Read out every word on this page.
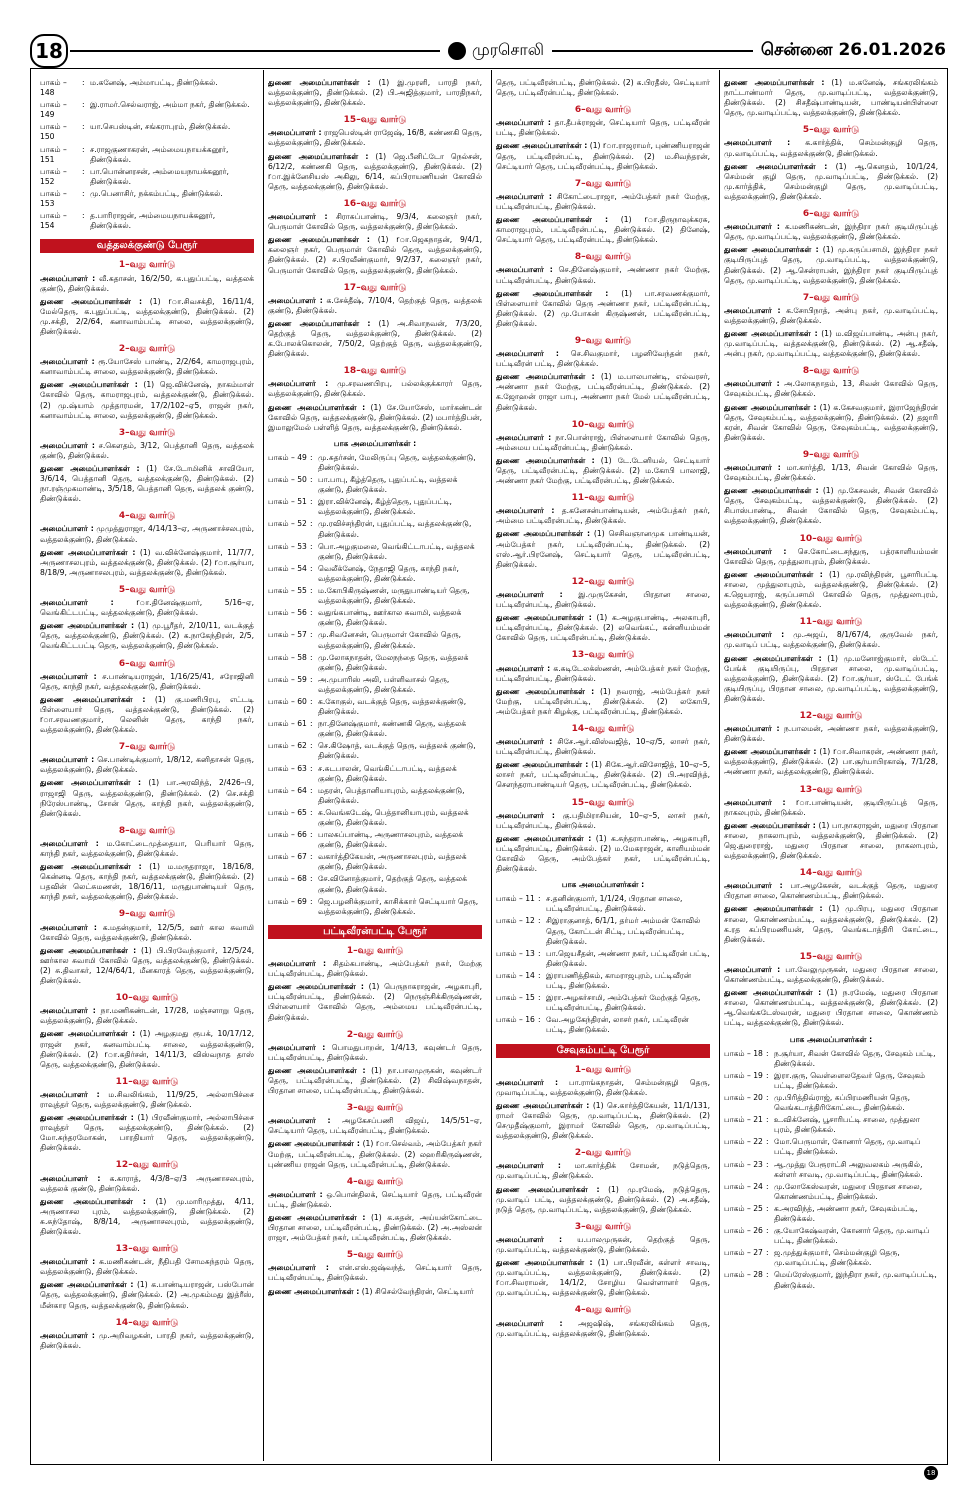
18	முரசொலி	சென்னை 26.01.2026
பாகம் – 148
: ம.கனேஷ், அம்மாபட்டி, திண்டுக்கல்.
பாகம் – 149
: இ.ராமர்.செல்வராஜ், அம்மா நகர், திண்டுக்கல்.
பாகம் – 150
: யா.செபஸ்டின், சங்கராபுரம், திண்டுக்கல்.
பாகம் – 151
: ச.ராஜகுணாகரன், அம்மையநாயக்கனூர், திண்டுக்கல்.
பாகம் – 152
: பா.பொன்னரசன், அம்மையநாயக்கனூர், திண்டுக்கல்.
பாகம் – 153
: மு.பெனாசிர், நக்கம்பட்டி, திண்டுக்கல்.
பாகம் – 154
: த.பாரிராஜன், அம்மையநாயக்கனூர், திண்டுக்கல்.
வத்தலக்குண்டு பேரூர்
1–வது வார்டு
அமைப்பாளர் : வீ.கதாசன், 16/2/50, க.புதுப்பட்டி, வத்தலக் குண்டு, திண்டுக்கல்.
துணை அமைப்பாளர்கள் : (1) rா.சிவசக்தி, 16/11/4, மேல்தெரு, க.புதுப்பட்டி, வத்தலக்குண்டு, திண்டுக்கல். (2) மு.சக்தி, 2/2/64, கனாவாம்பட்டி சாலை, வத்தலக்குண்டு, திண்டுக்கல்.
2–வது வார்டு
அமைப்பாளர் : ரூ.யோசேஸ் பாண்டி, 2/2/64, காமராஜபுரம், கனாவாம்பட்டி சாலை, வத்தலக்குண்டு, திண்டுக்கல்.
துணை அமைப்பாளர்கள் : (1) ஜெ.விக்னேஷ், நாகம்மாள் கோவில் தெரு, காமராஜபுரம், வத்தலக்குண்டு, திண்டுக்கல். (2) மு.ஷ்யாம் முத்தாரமன், 17/2/102–ஏ5, ராஜன் நகர், கனாவாம்பட்டி சாலை, வத்தலக்குண்டு, திண்டுக்கல்.
3–வது வார்டு
அமைப்பாளர் : ச.கௌதம், 3/12, பெத்தானி தெரு, வத்தலக் குண்டு, திண்டுக்கல்.
துணை அமைப்பாளர்கள் : (1) சே.டோமினிக் சாவியோ, 3/6/14, பெத்தானி தெரு, வத்தலக்குண்டு, திண்டுக்கல். (2) நா.ரஞ்முகமாண்டி, 3/5/18, பெத்தானி தெரு, வத்தலக் குண்டு, திண்டுக்கல்.
4–வது வார்டு
அமைப்பாளர் : முமுத்துராஜா, 4/14/13–ஏ, அருணாச்சலபுரம், வத்தலக்குண்டு, திண்டுக்கல்.
துணை அமைப்பாளர்கள் : (1) வ.விக்னேஷ்குமார், 11/7/7, அருணாசலபுரம், வத்தலக்குண்டு, திண்டுக்கல். (2) rா.சூர்யா, 8/18/9, அருணாசலபுரம், வத்தலக்குண்டு, திண்டுக்கல்.
5–வது வார்டு
அமைப்பாளர் :	rா.தினேஷ்குமார், 5/16–ஏ, வெங்கிட்டபட்டி, வத்தலக்குண்டு, திண்டுக்கல்.
துணை அமைப்பாளர்கள் : (1) மு.பூரீதர், 2/10/11, வடக்குத் தெரு, வத்தலக்குண்டு, திண்டுக்கல். (2) க.நாகேந்திரன், 2/5, வெங்கிட்டபட்டி தெரு, வத்தலக்குண்டு, திண்டுக்கல்.
6–வது வார்டு
அமைப்பாளர் : ச.பாண்டியராஜன், 1/16/25/41, சரோஜினி தெரு, காந்தி நகர், வத்தலக்குண்டு, திண்டுக்கல்.
துணை அமைப்பாளர்கள் : (1) கு.மணிபிரபு, எட்டடி பிள்ளையார் தெரு, வத்தலக்குண்டு, திண்டுக்கல். (2) rா.சரவணகுமார், லெனின் தெரு, காந்தி நகர், வத்தலக்குண்டு, திண்டுக்கல்.
7–வது வார்டு
அமைப்பாளர் : செ.பாண்டிக்குமார், 1/8/12, கனிதாசன் தெரு, வத்தலக்குண்டு, திண்டுக்கல்.
துணை அமைப்பாளர்கள் : (1) பா.அரவிந்த், 2/426–பி, ராஜாஜி தெரு, வத்தலக்குண்டு, திண்டுக்கல். (2) செ.சக்தி நிரேஸ்பாண்டி, சோன் தெரு, காந்தி நகர், வத்தலக்குண்டு, திண்டுக்கல்.
8–வது வார்டு
அமைப்பாளர் : ம.கோட்டைமுத்தையா, பெரியார் தெரு, காந்தி நகர், வத்தலக்குண்டு, திண்டுக்கல்.
துணை அமைப்பாளர்கள் : (1) ம.மருதராஜா, 18/16/8, கென்னடி தெரு, காந்தி நகர், வத்தலக்குண்டு, திண்டுக்கல். (2) பதவின் லெட்சுமணன், 18/16/11, மருதுபாண்டியர் தெரு, காந்தி நகர், வத்தலக்குண்டு, திண்டுக்கல்.
9–வது வார்டு
அமைப்பாளர் : க.மதன்குமார், 12/5/5, ஊர் கால சுவாமி கோவில் தெரு, வத்தலக்குண்டு, திண்டுக்கல்.
துணை அமைப்பாளர்கள் : (1) பி.பிரவேந்குமார், 12/5/24, ஊர்கால சுவாமி கோவில் தெரு, வத்தலக்குண்டு, திண்டுக்கல். (2) சு.திவாகர், 12/4/64/1, மீனகாரத் தெரு, வத்தலக்குண்டு, திண்டுக்கல்.
10–வது வார்டு
அமைப்பாளர் : நா.மணிகண்டன், 17/28, மஞ்சளாறு தெரு, வத்தலக்குண்டு, திண்டுக்கல்.
துணை அமைப்பாளர்கள் : (1) அழகுமது ரூபக், 10/17/12, ராஜன் நகர், கனவாம்பட்டி சாலை, வத்தலக்குண்டு, திண்டுக்கல். (2) rா.கதிர்சன், 14/11/3, விஸ்வநாத தாஸ் தெரு, வத்தலக்குண்டு, திண்டுக்கல்.
11–வது வார்டு
அமைப்பாளர் : ம.சிவலிங்கம், 11/9/25, அல்லாபிச்சை ராவுத்தர் தெரு, வத்தலக்குண்டு, திண்டுக்கல்.
துணை அமைப்பாளர்கள் : (1) பிரவீண்குமார், அல்லாபிச்சை ராவுத்தர் தெரு, வத்தலக்குண்டு, திண்டுக்கல். (2) மோ.சுந்தரமோகன், பாரதியார் தெரு, வத்தலக்குண்டு, திண்டுக்கல்.
12–வது வார்டு
அமைப்பாளர் : க.காராத், 4/3/8–ஏ/3 அருணாசலபுரம், வத்தலக் குண்டு, திண்டுக்கல்.
துணை அமைப்பாளர்கள் : (1) மு.மாரிமுத்து, 4/11, அருணாசல புரம், வத்தலக்குண்டு, திண்டுக்கல். (2) சு.சுந்தோஷ், 8/8/14, அருணாசலபுரம், வத்தலக்குண்டு, திண்டுக்கல்.
13–வது வார்டு
அமைப்பாளர் : க.மணிகண்டன், நீதிபதி சோமசுந்தரம் தெரு, வத்தலக்குண்டு, திண்டுக்கல்.
துணை அமைப்பாளர்கள் : (1) க.பாண்டியராஜன், பஸ்போன் தெரு, வத்தலக்குண்டு, திண்டுக்கல். (2) அ.முகம்மது இத்ரீஸ், மீன்கார தெரு, வத்தலக்குண்டு, திண்டுக்கல்.
14–வது வார்டு
அமைப்பாளர் : மு.அறிவழகன், பாரதி நகர், வத்தலக்குண்டு, திண்டுக்கல்.
துணை அமைப்பாளர்கள் : (1) இ.முரளி, பாரதி நகர், வத்தலக்குண்டு, திண்டுக்கல். (2) பி.அஜித்குமார், பாரதிநகர், வத்தலக்குண்டு, திண்டுக்கல்.
15–வது வார்டு
அமைப்பாளர் : ராஜபெஸ்டின் ராஜேஷ், 16/8, கண்ணகி தெரு, வத்தலக்குண்டு, திண்டுக்கல்.
துணை அமைப்பாளர்கள் : (1) ஜெ.பீனிட்டோ நெல்சன், 6/12/2, கண்ணகி தெரு, வத்தலக்குண்டு, திண்டுக்கல். (2) rா.இக்னேசியஸ் அகிலு, 6/14, கப்பிராயணியன் கோவில் தெரு, வத்தலக்குண்டு, திண்டுக்கல்.
16–வது வார்டு
அமைப்பாளர் : சிராசுப்பாண்டி, 9/3/4, கலைஞர் நகர், பெருமாள் கோவில் தெரு, வத்தலக்குண்டு, திண்டுக்கல்.
துணை அமைப்பாளர்கள் : (1) rா.ஜெகநாதன், 9/4/1, கலைஞர் நகர், பெருமாள் கோவில் தெரு, வத்தலக்குண்டு, திண்டுக்கல். (2) ச.பிரவீண்குமார், 9/2/37, கலைஞர் நகர், பெருமாள் கோவில் தெரு, வத்தலக்குண்டு, திண்டுக்கல்.
17–வது வார்டு
அமைப்பாளர் : க.சேக்தீஷ், 7/10/4, தெற்குத் தெரு, வத்தலக் குண்டு, திண்டுக்கல்.
துணை அமைப்பாளர்கள் : (1) அ.சிவாநவன், 7/3/20, தெற்குத் தெரு, வத்தலக்குண்டு, திண்டுக்கல். (2) க.போலக்கொலன், 7/50/2, தெற்குத் தெரு, வத்தலக்குண்டு, திண்டுக்கல்.
18–வது வார்டு
அமைப்பாளர் : மு.சரவணபிரபு, பல்லக்குக்காரர் தெரு, வத்தலக்குண்டு, திண்டுக்கல்.
துணை அமைப்பாளர்கள் : (1) சே.யோசேஸ், மார்கண்டன் கோவில் தெரு, வத்தலக்குண்டு, திண்டுக்கல். (2) மபார்த்திபன், இமாலுமேல் பள்ளித் தெரு, வத்தலக்குண்டு, திண்டுக்கல்.
பாக அமைப்பாளர்கள் :
பாகம் – 49 : மு.சுதர்சன், மேலிருப்பு தெரு, வத்தலக்குண்டு, திண்டுக்கல்.
பாகம் – 50 : பா.பாபு, கீழ்த்தெரு, புதுப்பட்டி, வத்தலக் குண்டு, திண்டுக்கல்.
பாகம் – 51 : இரா.விக்னேஷ், கீழ்த்தெரு, புதுப்பட்டி, வத்தலக்குண்டு, திண்டுக்கல்.
பாகம் – 52 : மு.ரவிச்சந்திரன், புதுப்பட்டி, வத்தலக்குண்டு, திண்டுக்கல்.
பாகம் – 53 : பொ.அழகுமலை, வெங்கிட்டாபட்டி, வத்தலக் குண்டு, திண்டுக்கல்.
பாகம் – 54 : வெலீக்னேஷ், நேதாஜி தெரு, காந்தி நகர், வத்தலக்குண்டு, திண்டுக்கல்.
பாகம் – 55 : ம.கோபிகிருஷ்ணன், மருதுபாண்டியர் தெரு, வத்தலக்குண்டு, திண்டுக்கல்.
பாகம் – 56 : வதுங்கபாண்டி, ஊர்கால சுவாமி, வத்தலக் குண்டு, திண்டுக்கல்.
பாகம் – 57 : மு.சிவனேசன், பெருமாள் கோவில் தெரு, வத்தலக்குண்டு, திண்டுக்கல்.
பாகம் – 58 : மு.லோகநாதன், மேலநந்தை தெரு, வத்தலக் குண்டு, திண்டுக்கல்.
பாகம் – 59 : அ.முபாரிஸ் அலி, பள்ளிவாசல் தெரு, வத்தலக்குண்டு, திண்டுக்கல்.
பாகம் – 60 : க.கோகுல், வடக்குத் தெரு, வத்தலக்குண்டு, திண்டுக்கல்.
பாகம் – 61 : நா.தினேஷ்குமார், கண்ணகி தெரு, வத்தலக் குண்டு, திண்டுக்கல்.
பாகம் – 62 : செ.கிஷோத், வடக்குத் தெரு, வத்தலக் குண்டு, திண்டுக்கல்.
பாகம் – 63 : ச.சுடபாலன், வெங்கிட்டாபட்டி, வத்தலக் குண்டு, திண்டுக்கல்.
பாகம் – 64 : மதரன், பெத்தானியாபுரம், வத்தலக்குண்டு, திண்டுக்கல்.
பாகம் – 65 : சு.வெங்கடேஷ், பெத்தானியாபுரம், வத்தலக் குண்டு, திண்டுக்கல்.
பாகம் – 66 : பாலசுப்பாண்டி, அருணாசலபுரம், வத்தலக் குண்டு, திண்டுக்கல்.
பாகம் – 67 : வகார்த்திகேயன், அருணாசலபுரம், வத்தலக் குண்டு, திண்டுக்கல்.
பாகம் – 68 : சே.வினோத்குமார், தெற்குத் தெரு, வத்தலக் குண்டு, திண்டுக்கல்.
பாகம் – 69 : ஜெ.பழனிக்குமார், காசிக்கார் செட்டியார் தெரு, வத்தலக்குண்டு, திண்டுக்கல்.
பட்டிவீரன்பட்டி பேரூர்
1–வது வார்டு
அமைப்பாளர் : சிதம்கபாண்டி, அம்பேத்கர் நகர், மேற்கு பட்டிவீரன்பட்டி, திண்டுக்கல்.
துணை அமைப்பாளர்கள் : (1) பெருநாகராஜன், அழகாபுரி, பட்டிவீரன்பட்டி, திண்டுக்கல். (2) நெருஞ்சிக்கிருஷ்ணன், பிள்ளையார் கோவில் தெரு, அம்மைய பட்டிவீரன்பட்டி, திண்டுக்கல்.
2–வது வார்டு
அமைப்பாளர் : பொமதுபாறன், 1/4/13, கவுண்டர் தெரு, பட்டிவீரன்பட்டி, திண்டுக்கல்.
துணை அமைப்பாளர்கள் : (1) நா.பாலமுருகன், கவுண்டர் தெரு, பட்டிவீரன்பட்டி, திண்டுக்கல். (2) சிவிஷ்வநாதன், பிரதான சாலை, பட்டிவீரன்பட்டி, திண்டுக்கல்.
3–வது வார்டு
அமைப்பாளர் : அழகேசப்பணி விஜய், 14/5/51–ஏ, செட்டியார் தெரு, பட்டிவீரன்பட்டி, திண்டுக்கல்.
துணை அமைப்பாளர்கள் : (1) rா.செல்வம், அம்பேத்கர் நகர் மேற்கு, பட்டிவீரன்பட்டி, திண்டுக்கல். (2) லஹரிகிருஷ்ணன், புண்ணிய ராஜன் தெரு, பட்டிவீரன்பட்டி, திண்டுக்கல்.
4–வது வார்டு
அமைப்பாளர் : ஒ.பொன்திலக், செட்டியார் தெரு, பட்டிவீரன் பட்டி, திண்டுக்கல்.
துணை அமைப்பாளர்கள் : (1) க.சுதன், அய்யன்கோட்டை பிரதான சாலை, பட்டிவீரன்பட்டி, திண்டுக்கல். (2) அ.அஸ்லன் ராஜா, அம்பேத்கர் நகர், பட்டிவீரன்பட்டி, திண்டுக்கல்.
5–வது வார்டு
அமைப்பாளர் : என்.எஸ்.ஜஷ்வந்த், செட்டியார் தெரு, பட்டிவீரன்பட்டி, திண்டுக்கல்.
துணை அமைப்பாளர்கள் : (1) சிசெல்வேந்திரன், செட்டியார்
தெரு, பட்டிவீரன்பட்டி, திண்டுக்கல். (2) க.பிரதீஸ், செட்டியார் தெரு, பட்டிவீரன்பட்டி, திண்டுக்கல்.
6–வது வார்டு
அமைப்பாளர் : தா.தீபக்ராஜன், செட்டியார் தெரு, பட்டிவீரன் பட்டி, திண்டுக்கல்.
துணை அமைப்பாளர்கள் : (1) rா.ராஜராமர், புண்ணியராஜன் தெரு, பட்டிவீரன்பட்டி, திண்டுக்கல். (2) ம.சிவந்தரன், செட்டியார் தெரு, பட்டிவீரன்பட்டி, திண்டுக்கல்.
7–வது வார்டு
அமைப்பாளர் : சிகோட்டைராஜா, அம்பேத்கர் நகர் மேற்கு, பட்டிவீரன்பட்டி, திண்டுக்கல்.
துணை அமைப்பாளர்கள் : (1) rா.திருநாவுக்கரசு, காமராஜபுரம், பட்டிவீரன்பட்டி, திண்டுக்கல். (2) தினேஷ், செட்டியார் தெரு, பட்டிவீரன்பட்டி, திண்டுக்கல்.
8–வது வார்டு
அமைப்பாளர் : செ.தினேஷ்குமார், அண்ணா நகர் மேற்கு, பட்டிவீரன்பட்டி, திண்டுக்கல்.
துணை அமைப்பாளர்கள் : (1) பா.சரவணக்குமார், பிள்ளையார் கோவில் தெரு அண்ணா நகர், பட்டிவீரன்பட்டி, திண்டுக்கல். (2) மு.போகன் கிருஷ்ணன், பட்டிவீரன்பட்டி, திண்டுக்கல்.
9–வது வார்டு
அமைப்பாளர் : செ.சிவகுமார், பழனிவேந்தன் நகர், பட்டிவீரன் பட்டி, திண்டுக்கல்.
துணை அமைப்பாளர்கள் : (1) ம.பாலபாண்டி, எல்வரசர், அண்ணா நகர் மேற்கு, பட்டிவீரன்பட்டி, திண்டுக்கல். (2) க.ஜோஹன் ராஜா பாபு, அண்ணா நகர் மேல் பட்டிவீரன்பட்டி, திண்டுக்கல்.
10–வது வார்டு
அமைப்பாளர் : நா.பொன்ராஜ், பிள்ளையார் கோவில் தெரு, அம்மைய பட்டிவீரன்பட்டி, திண்டுக்கல்.
துணை அமைப்பாளர்கள் : (1) டே.டேனியல், செட்டியார் தெரு, பட்டிவீரன்பட்டி, திண்டுக்கல். (2) ம.கோபி பாலாஜி, அண்ணா நகர் மேற்கு, பட்டிவீரன்பட்டி, திண்டுக்கல்.
11–வது வார்டு
அமைப்பாளர் : த.கனேசன்பாண்டியன், அம்பேத்கர் நகர், அம்மை பட்டிவீரன்பட்டி, திண்டுக்கல்.
துணை அமைப்பாளர்கள் : (1) செசிவஞானமுக பாண்டியன், அம்பேத்கர் நகர், பட்டிவீரன்பட்டி, திண்டுக்கல். (2) எஸ்.ஆர்.பிரனேஷ், செட்டியார் தெரு, பட்டிவீரன்பட்டி, திண்டுக்கல்.
12–வது வார்டு
அமைப்பாளர் : இ.முருகேசன், பிரதான சாலை, பட்டிவீரன்பட்டி, திண்டுக்கல்.
துணை அமைப்பாளர்கள் : (1) க.அழகுபாண்டி, அலகாபுரி, பட்டிவீரன்பட்டி, திண்டுக்கல். (2) லவெங்கட், கன்னியம்மன் கோவில் தெரு, பட்டிவீரன்பட்டி, திண்டுக்கல்.
13–வது வார்டு
அமைப்பாளர் : க.சுடிடேலக்ஸ்ணன், அம்பேத்கர் நகர் மேற்கு, பட்டிவீரன்பட்டி, திண்டுக்கல்.
துணை அமைப்பாளர்கள் : (1) நவராஜ், அம்பேத்கர் நகர் மேற்கு, பட்டிவீரன்பட்டி, திண்டுக்கல். (2) லகோபி, அம்பேத்கர் நகர் கிழக்கு, பட்டிவீரன்பட்டி, திண்டுக்கல்.
14–வது வார்டு
அமைப்பாளர் : சிசே.ஆர்.விஸ்வஜித், 10–ஏ/5, லாசர் நகர், பட்டிவீரன்பட்டி, திண்டுக்கல்.
துணை அமைப்பாளர்கள் : (1) சிகே.ஆர்.விசோஜித், 10–ஏ–5, லாசர் நகர், பட்டிவீரன்பட்டி, திண்டுக்கல். (2) பி.அரவிந்த், சௌந்தராபாண்டியர் தெரு, பட்டிவீரன்பட்டி, திண்டுக்கல்.
15–வது வார்டு
அமைப்பாளர் : கு.பதிமிராசியன், 10–ஏ–5, லாசர் நகர், பட்டிவீரன்பட்டி, திண்டுக்கல்.
துணை அமைப்பாளர்கள் : (1) க.சுந்தராபாண்டி, அழகாபுரி, பட்டிவீரன்பட்டி, திண்டுக்கல். (2) ம.மேகராஜன், காளியம்மன் கோவில் தெரு, அம்பேத்கர் நகர், பட்டிவீரன்பட்டி, திண்டுக்கல்.
பாக அமைப்பாளர்கள் :
பாகம் – 11 : ச.தனின்குமார், 1/1/24, பிரதான சாலை, பட்டிவீரன்பட்டி, திண்டுக்கல்.
பாகம் – 12 : சிஇராகுனாத், 6/1/1, தர்மர் அம்மன் கோவில் தெரு, கோட்டன் சிட்டி, பட்டிவீரன்பட்டி, திண்டுக்கல்.
பாகம் – 13 : பா.ஜெயசீதன், அண்ணா நகர், பட்டிவீரன் பட்டி, திண்டுக்கல்.
பாகம் – 14 : இராபணித்திகம், காமராஜபுரம், பட்டிவீரன் பட்டி, திண்டுக்கல்.
பாகம் – 15 : இரா.அழகர்சாமி, அம்பேத்கர் மேற்குத் தெரு, பட்டிவீரன்பட்டி, திண்டுக்கல்.
பாகம் – 16 : வே.அழகேந்திரன், லாசர் நகர், பட்டிவீரன் பட்டி, திண்டுக்கல்.
சேவுகம்பட்டி பேரூர்
1–வது வார்டு
அமைப்பாளர் : பா.ராங்கநாதன், செம்மன்குழி தெரு, முவாடிப்பட்டி, வத்தலக்குண்டு, திண்டுக்கல்.
துணை அமைப்பாளர்கள் : (1) செ.கார்த்திகேயன், 11/1/131, ராமர் கோவில் தெரு, மு.வாடிப்பட்டி, திண்டுக்கல். (2) செமுதீஷ்குமார், இராமர் கோவில் தெரு, மு.வாடிப்பட்டி, வத்தலக்குண்டு, திண்டுக்கல்.
2–வது வார்டு
அமைப்பாளர் : மா.கார்த்திக் சோமன், நடுத்தெரு, மு.வாடிப்பட்டி, திண்டுக்கல்.
துணை அமைப்பாளர்கள் : (1) மு.ரமேஷ், நடுத்தெரு, மு.வாடிப் பட்டி, வத்தலக்குண்டு, திண்டுக்கல். (2) அ.சதீஷ், நடுத் தெரு, மு.வாடிப்பட்டி, வத்தலக்குண்டு, திண்டுக்கல்.
3–வது வார்டு
அமைப்பாளர் : ய.பாலமுருகன், தெற்குத் தெரு, மு.வாடிப்பட்டி, வத்தலக்குண்டு, திண்டுக்கல்.
துணை அமைப்பாளர்கள் : (1) பா.பிரவீன், கள்ளர் சாவடி, மு.வாடிப்பட்டி, வத்தலக்குண்டு, திண்டுக்கல். (2) rா.சிவராமன், 14/1/2, சோழிய வெள்ளாளர் தெரு, மு.வாடிப்பட்டி, வத்தலக்குண்டு, திண்டுக்கல்.
4–வது வார்டு
அமைப்பாளர் : அஜஷிஷ், சங்கரலிங்கம் தெரு, மு.வாடிப்பட்டி, வத்தலக்குண்டு, திண்டுக்கல்.
துணை அமைப்பாளர்கள் : (1) ம.கனேஷ், சங்கரலிங்கம் நாட்டாண்மார் தெரு, மு.வாடிப்பட்டி, வத்தலக்குண்டு, திண்டுக்கல். (2) சிசதீஷ்பாண்டியன், பாண்டியன்பிள்ளை தெரு, மு.வாடிப்பட்டி, வத்தலக்குண்டு, திண்டுக்கல்.
5–வது வார்டு
அமைப்பாளர் : க.கார்த்திக், செம்மன்குழி தெரு, மு.வாடிப்பட்டி, வத்தலக்குண்டு, திண்டுக்கல்.
துணை அமைப்பாளர்கள் : (1) ஆ.கௌதம், 10/1/24, செம்மன் குழி தெரு, மு.வாடிப்பட்டி, திண்டுக்கல். (2) மு.கார்த்திக், செம்மன்குழி தெரு, மு.வாடிப்பட்டி, வத்தலக்குண்டு, திண்டுக்கல்.
6–வது வார்டு
அமைப்பாளர் : க.மணிகண்டன், இந்திரா நகர் குடிமிருப்புத் தெரு, மு.வாடிப்பட்டி, வத்தலக்குண்டு, திண்டுக்கல்.
துணை அமைப்பாளர்கள் : (1) மு.கருப்பசாமி, இந்திரா நகர் குடியிருப்புத் தெரு, மு.வாடிப்பட்டி, வத்தலக்குண்டு, திண்டுக்கல். (2) ஆ.சென்ராபன், இந்திரா நகர் குடியிருப்புத் தெரு, மு.வாடிப்பட்டி, வத்தலக்குண்டு, திண்டுக்கல்.
7–வது வார்டு
அமைப்பாளர் : க.சோபிநாத், அன்பு நகர், மு.வாடிப்பட்டி, வத்தலக்குண்டு, திண்டுக்கல்.
துணை அமைப்பாளர்கள் : (1) ம.விஜய்பாண்டி, அன்பு நகர், மு.வாடிப்பட்டி, வத்தலக்குண்டு, திண்டுக்கல். (2) ஆ.சதீஷ், அன்பு நகர், மு.வாடிப்பட்டி, வத்தலக்குண்டு, திண்டுக்கல்.
8–வது வார்டு
அமைப்பாளர் : அ.லோகநாதம், 13, சிவன் கோவில் தெரு, சேவுகம்பட்டி, திண்டுக்கல்.
துணை அமைப்பாளர்கள் : (1) க.கேசவகுமார், இராஜேந்திரன் தெரு, சேவுகம்பட்டி, வத்தலக்குண்டு, திண்டுக்கல். (2) தஜாரி கரன், சிவன் கோவில் தெரு, சேவுகம்பட்டி, வத்தலக்குண்டு, திண்டுக்கல்.
9–வது வார்டு
அமைப்பாளர் : மா.கார்த்தி, 1/13, சிவன் கோவில் தெரு, சேவுகம்பட்டி, திண்டுக்கல்.
துணை அமைப்பாளர்கள் : (1) மு.கேசவன், சிவன் கோவில் தெரு, சேவுகம்பட்டி, வத்தலக்குண்டு, திண்டுக்கல். (2) சிபாஸ்பாண்டி, சிவன் கோவில் தெரு, சேவுகம்பட்டி, வத்தலக்குண்டு, திண்டுக்கல்.
10–வது வார்டு
அமைப்பாளர் : செ.கோட்டைசந்துரு, பத்ரகாளியம்மன் கோவில் தெரு, முத்துலாபுரம், திண்டுக்கல்.
துணை அமைப்பாளர்கள் : (1) மு.ரவிந்திரன், பூசாரிபட்டி சாலை, முத்துலாபுரம், வத்தலக்குண்டு, திண்டுக்கல். (2) க.ஜெயராஜ், கருப்பசாமி கோவில் தெரு, முத்துலாபுரம், வத்தலக்குண்டு, திண்டுக்கல்.
11–வது வார்டு
அமைப்பாளர் : மு.அஜய், 8/1/67/4, குருவேல் நகர், மு.வாடிப் பட்டி, வத்தலக்குண்டு, திண்டுக்கல்.
துணை அமைப்பாளர்கள் : (1) மு.மனோஜ்குமார், ஸ்டேட் பேங்க் குடியிருப்பு, பிரதான சாலை, மு.வாடிப்பட்டி, வத்தலக்குண்டு, திண்டுக்கல். (2) rா.சூர்யா, ஸ்டேட் பேங்க் குடியிருப்பு, பிரதான சாலை, மு.வாடிப்பட்டி, வத்தலக்குண்டு, திண்டுக்கல்.
12–வது வார்டு
அமைப்பாளர் : ந.பாலமன், அண்ணா நகர், வத்தலக்குண்டு, திண்டுக்கல்.
துணை அமைப்பாளர்கள் : (1) rா.சிவாகரன், அண்ணா நகர், வத்தலக்குண்டு, திண்டுக்கல். (2) பா.சூர்யாபிரகாஷ், 7/1/28, அண்ணா நகர், வத்தலக்குண்டு, திண்டுக்கல்.
13–வது வார்டு
அமைப்பாளர் : rா.பாண்டியன், குடியிருப்புத் தெரு, நாகலபுரம், திண்டுக்கல்.
துணை அமைப்பாளர்கள் : (1) பா.நாகராஜன், மதுரை பிரதான சாலை, நாகலாபுரம், வத்தலக்குண்டு, திண்டுக்கல். (2) ஜெ.துரைராஜ், மதுரை பிரதான சாலை, நாகலாபுரம், வத்தலக்குண்டு, திண்டுக்கல்.
14–வது வார்டு
அமைப்பாளர் : பா.அழகேசன், வடக்குத் தெரு, மதுரை பிரதான சாலை, கொண்ணம்பட்டி, திண்டுக்கல்.
துணை அமைப்பாளர்கள் : (1) மு.பிரபு, மதுரை பிரதான சாலை, கொண்ணம்பட்டி, வத்தலக்குண்டு, திண்டுக்கல். (2) க.ரத கப்பிரமணியன், தெரு, வெங்கடாத்திரி கோட்டை, திண்டுக்கல்.
15–வது வார்டு
அமைப்பாளர் : பா.வேலுமுருகன், மதுரை பிரதான சாலை, கொண்ணம்பட்டி, வத்தலக்குண்டு, திண்டுக்கல்.
துணை அமைப்பாளர்கள் : (1) ந.ரமேஷ், மதுரை பிரதான சாலை, கொண்ணம்பட்டி, வத்தலக்குண்டு, திண்டுக்கல். (2) ஆ.வெங்கடேஸ்வரன், மதுரை பிரதான சாலை, கொண்ணம் பட்டி, வத்தலக்குண்டு, திண்டுக்கல்.
பாக அமைப்பாளர்கள் :
பாகம் – 18 : ந.சூர்யா, சிவன் கோவில் தெரு, சேவுகம் பட்டி, திண்டுக்கல்.
பாகம் – 19 : இரா.குரு, வெள்ளைலதேவர் தெரு, சேவுகம் பட்டி, திண்டுக்கல்.
பாகம் – 20 : மு.பிரித்திவ்ராஜ், கப்பிரமணியன் தெரு, வெங்கடாத்திரிகோட்டை, திண்டுக்கல்.
பாகம் – 21 : உ.விக்னேஷ், பூசாரிபட்டி சாலை, முத்துலா புரம், திண்டுக்கல்.
பாகம் – 22 : மோ.பெருமாள், கோனார் தெரு, மு.வாடிப் பட்டி, திண்டுக்கல்.
பாகம் – 23 : ஆ.முத்து பேரூராட்சி அலுவலகம் அருகில், கள்ளர் சாவடி, மு.வாடிப்பட்டி, திண்டுக்கல்.
பாகம் – 24 : மு.லோகேஸ்வரன், மதுரை பிரதான சாலை, கொண்ணம்பட்டி, திண்டுக்கல்.
பாகம் – 25 : க.அரவிந்த், அண்ணா நகர், சேவுகம்பட்டி, திண்டுக்கல்.
பாகம் – 26 : கு.யோகேஷ்வரன், கோனார் தெரு, மு.வாடிப் பட்டி, திண்டுக்கல்.
பாகம் – 27 : ஜ.முத்துக்குமார், செம்மன்குழி தெரு, மு.வாடிப்பட்டி, திண்டுக்கல்.
பாகம் – 28 : மெய்ரேஸ்குமார், இந்திரா நகர், மு.வாடிப்பட்டி, திண்டுக்கல்.
18
